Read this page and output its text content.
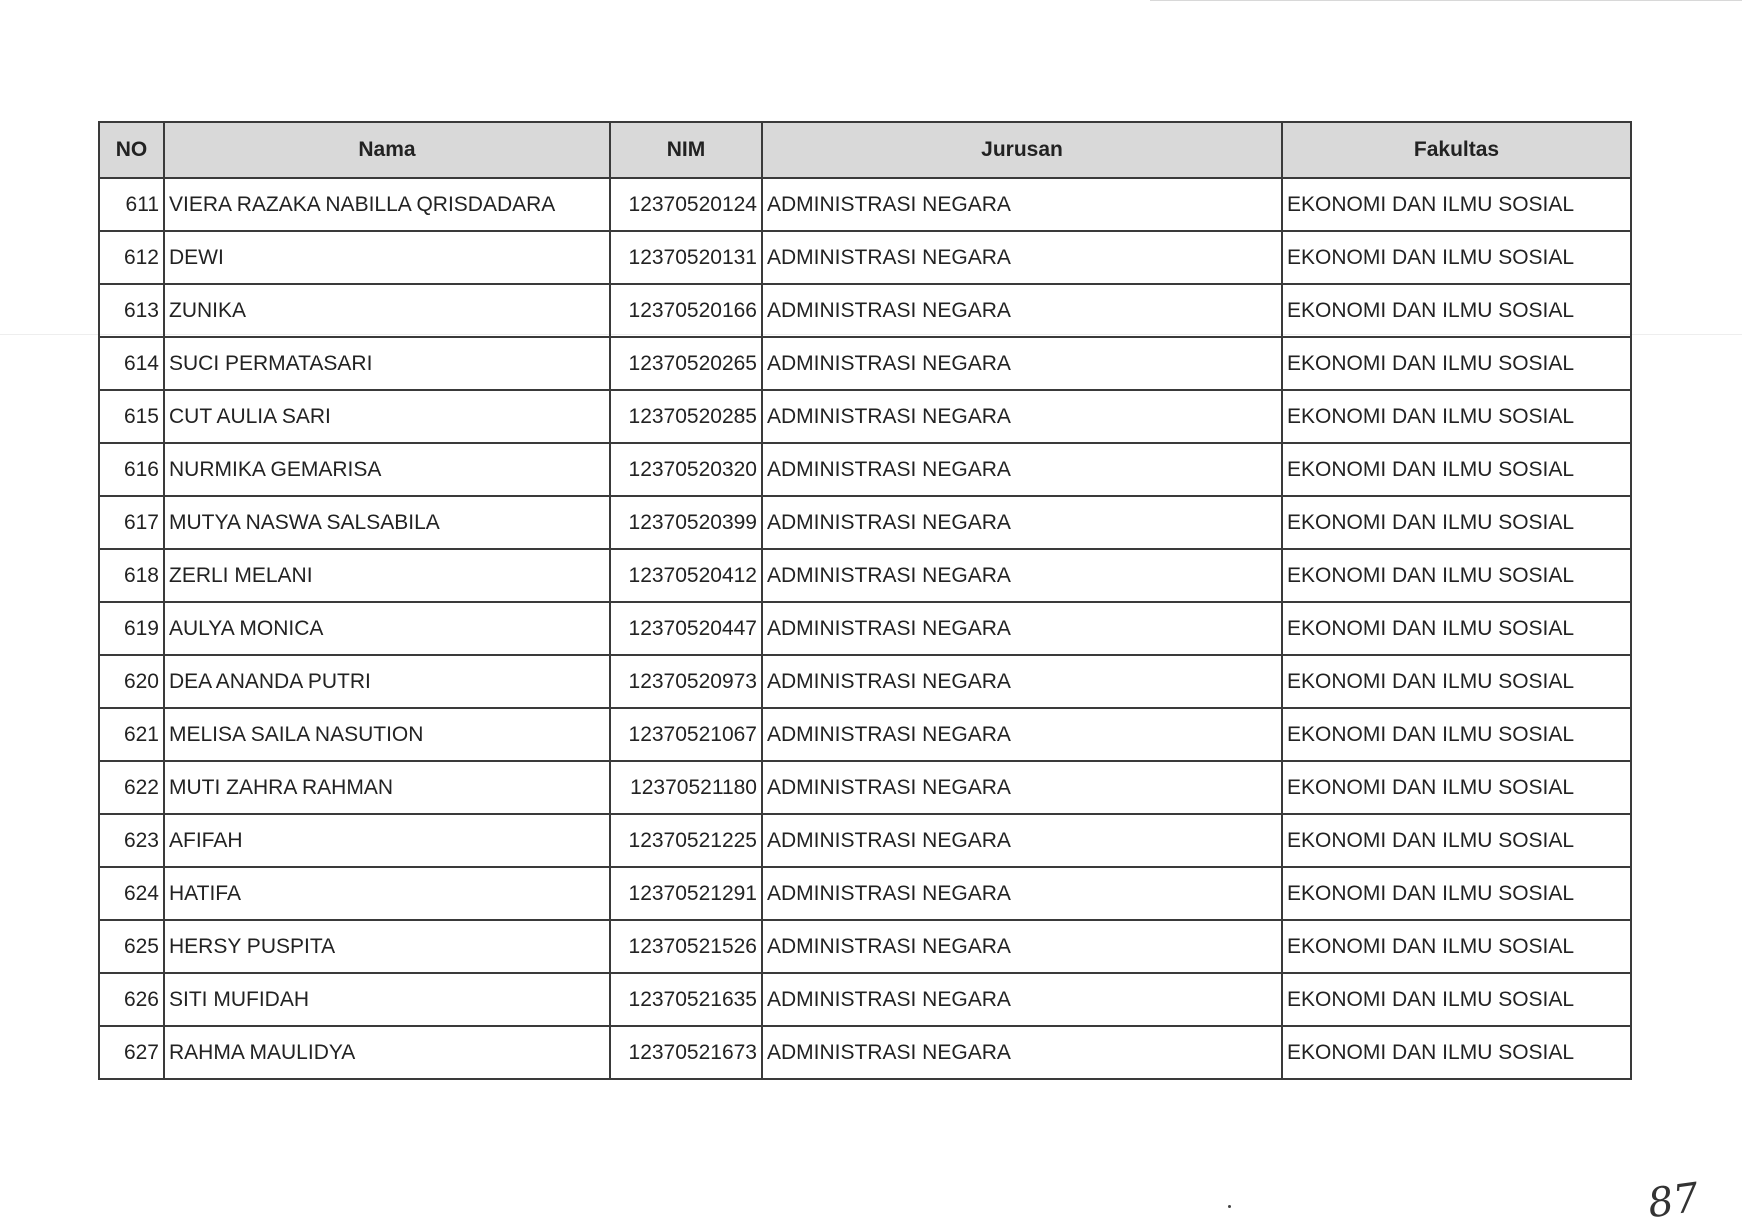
NO	Nama	NIM	Jurusan	Fakultas
611	VIERA RAZAKA NABILLA QRISDADARA	12370520124	ADMINISTRASI NEGARA	EKONOMI DAN ILMU SOSIAL
612	DEWI	12370520131	ADMINISTRASI NEGARA	EKONOMI DAN ILMU SOSIAL
613	ZUNIKA	12370520166	ADMINISTRASI NEGARA	EKONOMI DAN ILMU SOSIAL
614	SUCI PERMATASARI	12370520265	ADMINISTRASI NEGARA	EKONOMI DAN ILMU SOSIAL
615	CUT AULIA SARI	12370520285	ADMINISTRASI NEGARA	EKONOMI DAN ILMU SOSIAL
616	NURMIKA GEMARISA	12370520320	ADMINISTRASI NEGARA	EKONOMI DAN ILMU SOSIAL
617	MUTYA NASWA SALSABILA	12370520399	ADMINISTRASI NEGARA	EKONOMI DAN ILMU SOSIAL
618	ZERLI MELANI	12370520412	ADMINISTRASI NEGARA	EKONOMI DAN ILMU SOSIAL
619	AULYA MONICA	12370520447	ADMINISTRASI NEGARA	EKONOMI DAN ILMU SOSIAL
620	DEA ANANDA PUTRI	12370520973	ADMINISTRASI NEGARA	EKONOMI DAN ILMU SOSIAL
621	MELISA SAILA NASUTION	12370521067	ADMINISTRASI NEGARA	EKONOMI DAN ILMU SOSIAL
622	MUTI ZAHRA RAHMAN	12370521180	ADMINISTRASI NEGARA	EKONOMI DAN ILMU SOSIAL
623	AFIFAH	12370521225	ADMINISTRASI NEGARA	EKONOMI DAN ILMU SOSIAL
624	HATIFA	12370521291	ADMINISTRASI NEGARA	EKONOMI DAN ILMU SOSIAL
625	HERSY PUSPITA	12370521526	ADMINISTRASI NEGARA	EKONOMI DAN ILMU SOSIAL
626	SITI MUFIDAH	12370521635	ADMINISTRASI NEGARA	EKONOMI DAN ILMU SOSIAL
627	RAHMA MAULIDYA	12370521673	ADMINISTRASI NEGARA	EKONOMI DAN ILMU SOSIAL
87
